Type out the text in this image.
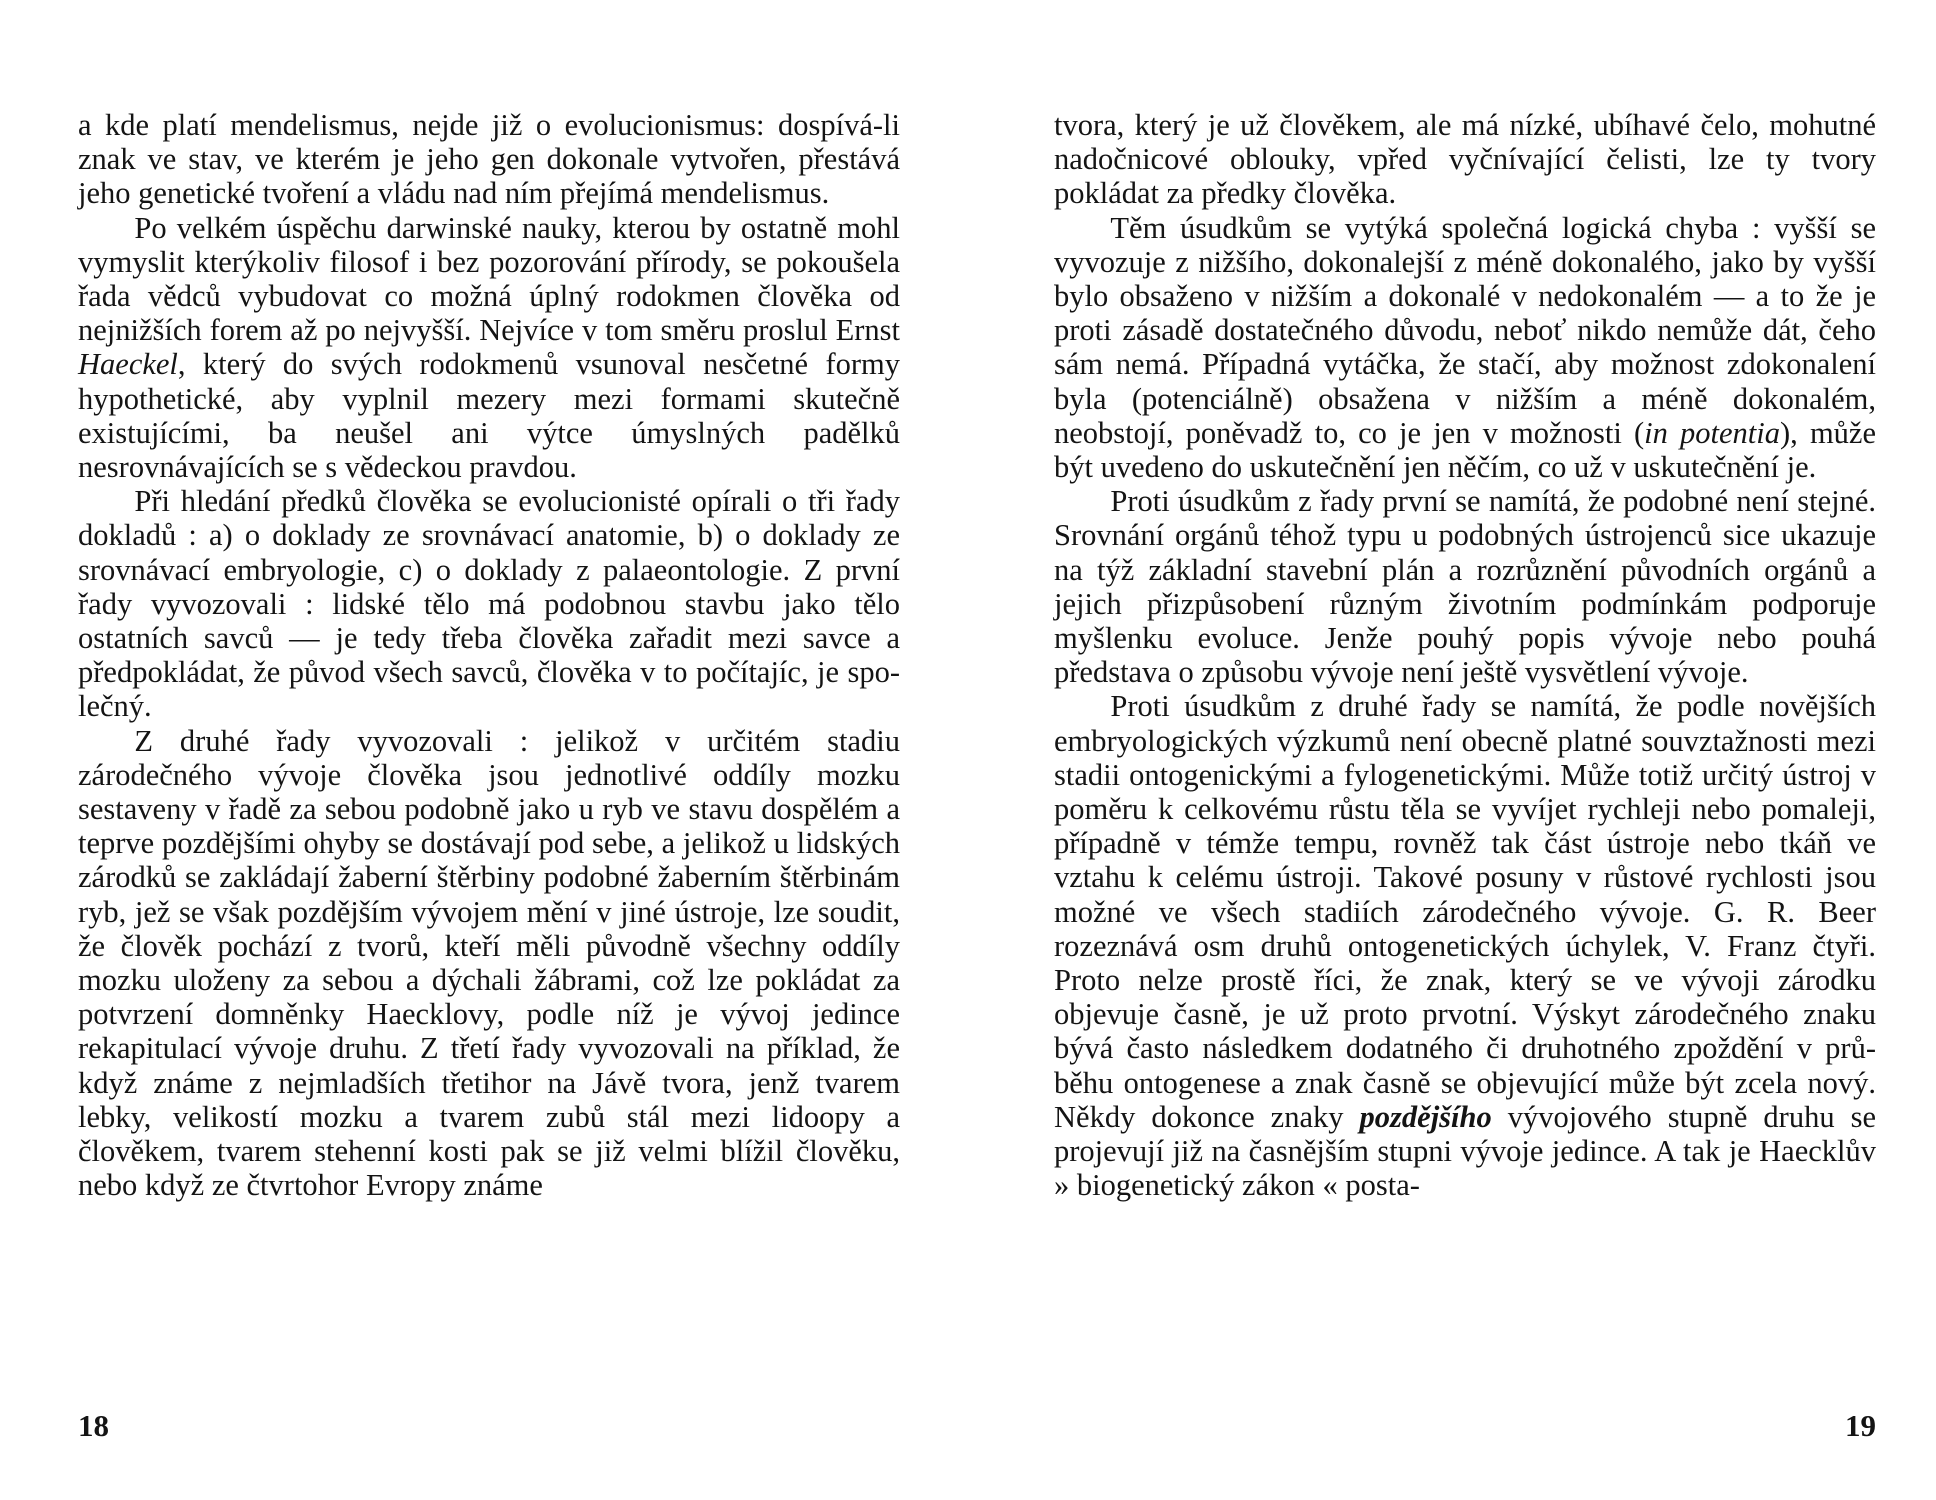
a kde platí mendelismus, nejde již o evolucionismus: dospívá-li znak ve stav, ve kterém je jeho gen dokonale vytvořen, přestává jeho genetické tvoření a vládu nad ním přejímá mendelismus.

Po velkém úspěchu darwinské nauky, kterou by ostatně mohl vymyslit kterýkoliv filosof i bez pozorování přírody, se pokoušela řada vědců vybudovat co možná úplný rodokmen člověka od nejnižších forem až po nejvyšší. Nejvíce v tom směru proslul Ernst Haeckel, který do svých rodokmenů vsunoval nesčetné formy hypothetické, aby vyplnil mezery mezi formami skutečně existujícími, ba neušel ani výtce úmyslných padělků nesrovnávajících se s vědeckou pravdou.

Při hledání předků člověka se evolucionisté opírali o tři řady dokladů : a) o doklady ze srovnávací anatomie, b) o doklady ze srovnávací embryologie, c) o doklady z palaeontologie. Z první řady vyvozovali : lidské tělo má podobnou stavbu jako tělo ostatních savců — je tedy třeba člověka zařadit mezi savce a předpokládat, že původ všech savců, člověka v to počítajíc, je společný.

Z druhé řady vyvozovali : jelikož v určitém stadiu zárodečného vývoje člověka jsou jednotlivé oddíly mozku sestaveny v řadě za sebou podobně jako u ryb ve stavu dospělém a teprve pozdějšími ohyby se dostávají pod sebe, a jelikož u lidských zárodků se zakládají žaberní štěrbiny podobné žaberním štěrbinám ryb, jež se však pozdějším vývojem mění v jiné ústroje, lze soudit, že člověk pochází z tvorů, kteří měli původně všechny oddíly mozku uloženy za sebou a dýchali žábrami, což lze pokládat za potvrzení domněnky Haecklovy, podle níž je vývoj jedince rekapitulací vývoje druhu. Z třetí řady vyvozovali na příklad, že když známe z nejmladších třetihor na Jávě tvora, jenž tvarem lebky, velikostí mozku a tvarem zubů stál mezi lidoopy a člověkem, tvarem stehenní kosti pak se již velmi blížil člověku, nebo když ze čtvrtohor Evropy známe

18

tvora, který je už člověkem, ale má nízké, ubíhavé čelo, mohutné nadočnicové oblouky, vpřed vyčnívající čelisti, lze ty tvory pokládat za předky člověka.

Těm úsudkům se vytýká společná logická chyba : vyšší se vyvozuje z nižšího, dokonalejší z méně dokonalého, jako by vyšší bylo obsaženo v nižším a dokonalé v nedokonalém — a to že je proti zásadě dostatečného důvodu, neboť nikdo nemůže dát, čeho sám nemá. Případná vytáčka, že stačí, aby možnost zdokonalení byla (potenciálně) obsažena v nižším a méně dokonalém, neobstojí, poněvadž to, co je jen v možnosti (in potentia), může být uvedeno do uskutečnění jen něčím, co už v uskutečnění je.

Proti úsudkům z řady první se namítá, že podobné není stejné. Srovnání orgánů téhož typu u podobných ústrojenců sice ukazuje na týž základní stavební plán a rozrůznění původních orgánů a jejich přizpůsobení různým životním podmínkám podporuje myšlenku evoluce. Jenže pouhý popis vývoje nebo pouhá představa o způsobu vývoje není ještě vysvětlení vývoje.

Proti úsudkům z druhé řady se namítá, že podle novějších embryologických výzkumů není obecně platné souvztažnosti mezi stadii ontogenickými a fylogenetickými. Může totiž určitý ústroj v poměru k celkovému růstu těla se vyvíjet rychleji nebo pomaleji, případně v témže tempu, rovněž tak část ústroje nebo tkáň ve vztahu k celému ústroji. Takové posuny v růstové rychlosti jsou možné ve všech stadiích zárodečného vývoje. G. R. Beer rozeznává osm druhů ontogenetických úchylek, V. Franz čtyři. Proto nelze prostě říci, že znak, který se ve vývoji zárodku objevuje časně, je už proto prvotní. Výskyt zárodečného znaku bývá často následkem dodatného či druhotného zpoždění v průběhu ontogenese a znak časně se objevující může být zcela nový. Někdy dokonce znaky pozdějšího vývojového stupně druhu se projevují již na časnějším stupni vývoje jedince. A tak je Haecklův » biogenetický zákon « posta-

19
